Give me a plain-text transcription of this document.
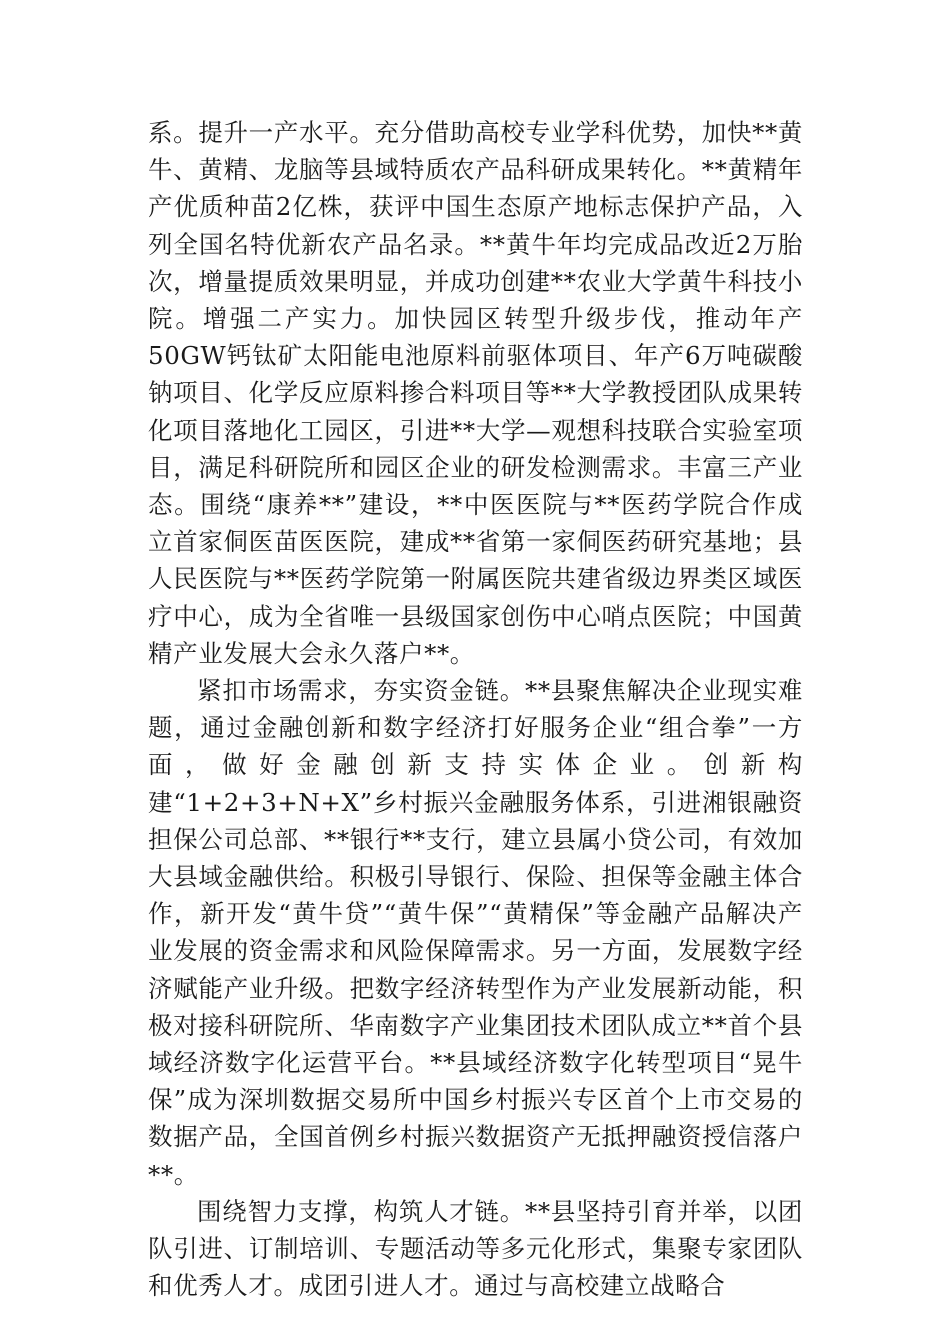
系。提升一产水平。充分借助高校专业学科优势，加快**黄牛、黄精、龙脑等县域特质农产品科研成果转化。**黄精年产优质种苗2亿株，获评中国生态原产地标志保护产品，入列全国名特优新农产品名录。**黄牛年均完成品改近2万胎次，增量提质效果明显，并成功创建**农业大学黄牛科技小院。增强二产实力。加快园区转型升级步伐，推动年产50GW钙钛矿太阳能电池原料前驱体项目、年产6万吨碳酸钠项目、化学反应原料掺合料项目等**大学教授团队成果转化项目落地化工园区，引进**大学—观想科技联合实验室项目，满足科研院所和园区企业的研发检测需求。丰富三产业态。围绕“康养**”建设，**中医医院与**医药学院合作成立首家侗医苗医医院，建成**省第一家侗医药研究基地；县人民医院与**医药学院第一附属医院共建省级边界类区域医疗中心，成为全省唯一县级国家创伤中心哨点医院；中国黄精产业发展大会永久落户**。

紧扣市场需求，夯实资金链。**县聚焦解决企业现实难题，通过金融创新和数字经济打好服务企业“组合拳”一方面，做好金融创新支持实体企业。创新构建“1+2+3+N+X”乡村振兴金融服务体系，引进湘银融资担保公司总部、**银行**支行，建立县属小贷公司，有效加大县域金融供给。积极引导银行、保险、担保等金融主体合作，新开发“黄牛贷”“黄牛保”“黄精保”等金融产品解决产业发展的资金需求和风险保障需求。另一方面，发展数字经济赋能产业升级。把数字经济转型作为产业发展新动能，积极对接科研院所、华南数字产业集团技术团队成立**首个县域经济数字化运营平台。**县域经济数字化转型项目“晃牛保”成为深圳数据交易所中国乡村振兴专区首个上市交易的数据产品，全国首例乡村振兴数据资产无抵押融资授信落户**。

围绕智力支撑，构筑人才链。**县坚持引育并举，以团队引进、订制培训、专题活动等多元化形式，集聚专家团队和优秀人才。成团引进人才。通过与高校建立战略合
